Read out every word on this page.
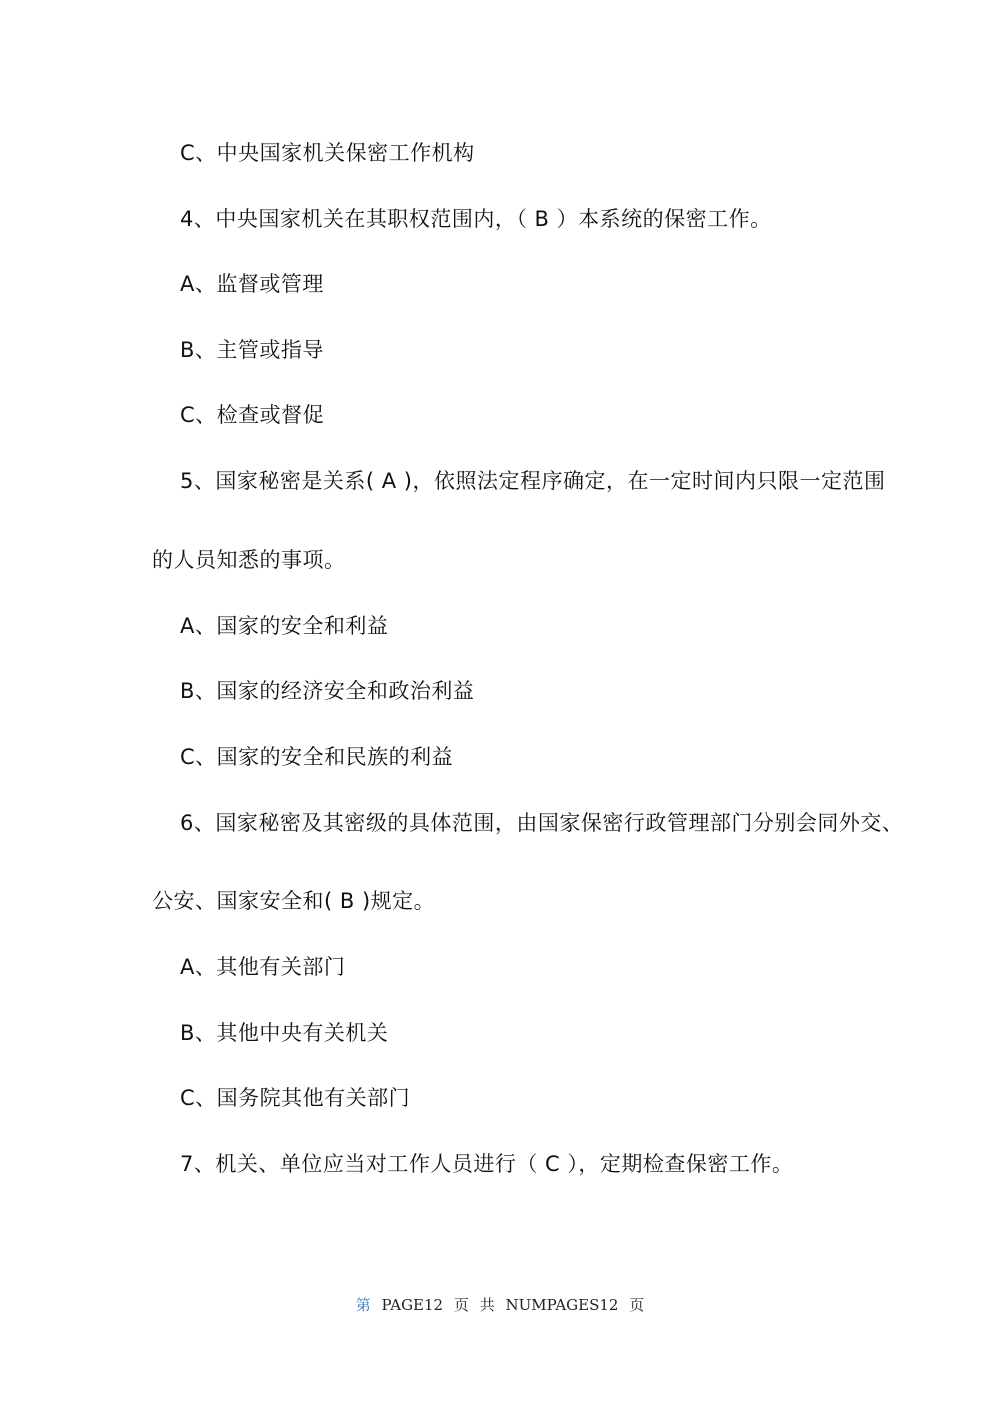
C、中央国家机关保密工作机构
4、中央国家机关在其职权范围内，（ B ）本系统的保密工作。
A、监督或管理
B、主管或指导
C、检查或督促
5、国家秘密是关系( A )，依照法定程序确定，在一定时间内只限一定范围
的人员知悉的事项。
A、国家的安全和利益
B、国家的经济安全和政治利益
C、国家的安全和民族的利益
6、国家秘密及其密级的具体范围，由国家保密行政管理部门分别会同外交、
公安、国家安全和( B )规定。
A、其他有关部门
B、其他中央有关机关
C、国务院其他有关部门
7、机关、单位应当对工作人员进行（ C ），定期检查保密工作。
第 PAGE12 页 共 NUMPAGES12 页
